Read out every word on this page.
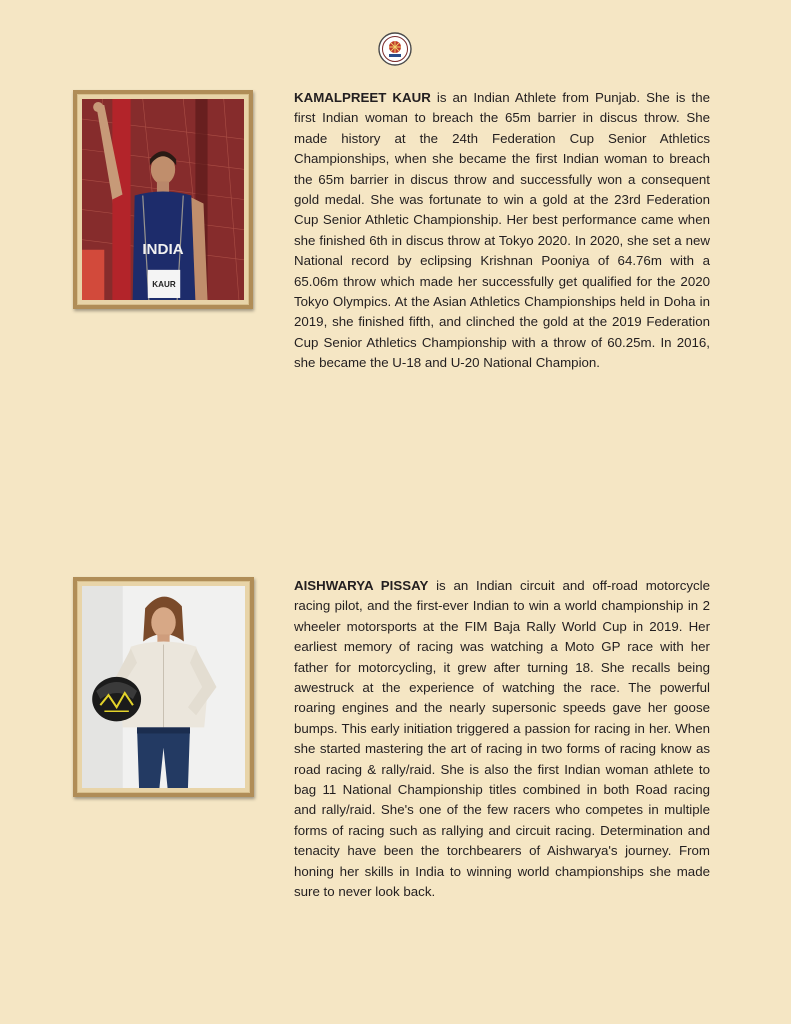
INDIA
KAUR

KAMALPREET KAUR is an Indian Athlete from Punjab. She is the first Indian woman to breach the 65m barrier in discus throw. She made history at the 24th Federation Cup Senior Athletics Championships, when she became the first Indian woman to breach the 65m barrier in discus throw and successfully won a consequent gold medal. She was fortunate to win a gold at the 23rd Federation Cup Senior Athletic Championship. Her best performance came when she finished 6th in discus throw at Tokyo 2020. In 2020, she set a new National record by eclipsing Krishnan Pooniya of 64.76m with a 65.06m throw which made her successfully get qualified for the 2020 Tokyo Olympics. At the Asian Athletics Championships held in Doha in 2019, she finished fifth, and clinched the gold at the 2019 Federation Cup Senior Athletics Championship with a throw of 60.25m. In 2016, she became the U-18 and U-20 National Champion.

AISHWARYA PISSAY is an Indian circuit and off-road motorcycle racing pilot, and the first-ever Indian to win a world championship in 2 wheeler motorsports at the FIM Baja Rally World Cup in 2019. Her earliest memory of racing was watching a Moto GP race with her father for motorcycling, it grew after turning 18. She recalls being awestruck at the experience of watching the race. The powerful roaring engines and the nearly supersonic speeds gave her goose bumps. This early initiation triggered a passion for racing in her. When she started mastering the art of racing in two forms of racing know as road racing & rally/raid. She is also the first Indian woman athlete to bag 11 National Championship titles combined in both Road racing and rally/raid. She's one of the few racers who competes in multiple forms of racing such as rallying and circuit racing. Determination and tenacity have been the torchbearers of Aishwarya's journey. From honing her skills in India to winning world championships she made sure to never look back.
